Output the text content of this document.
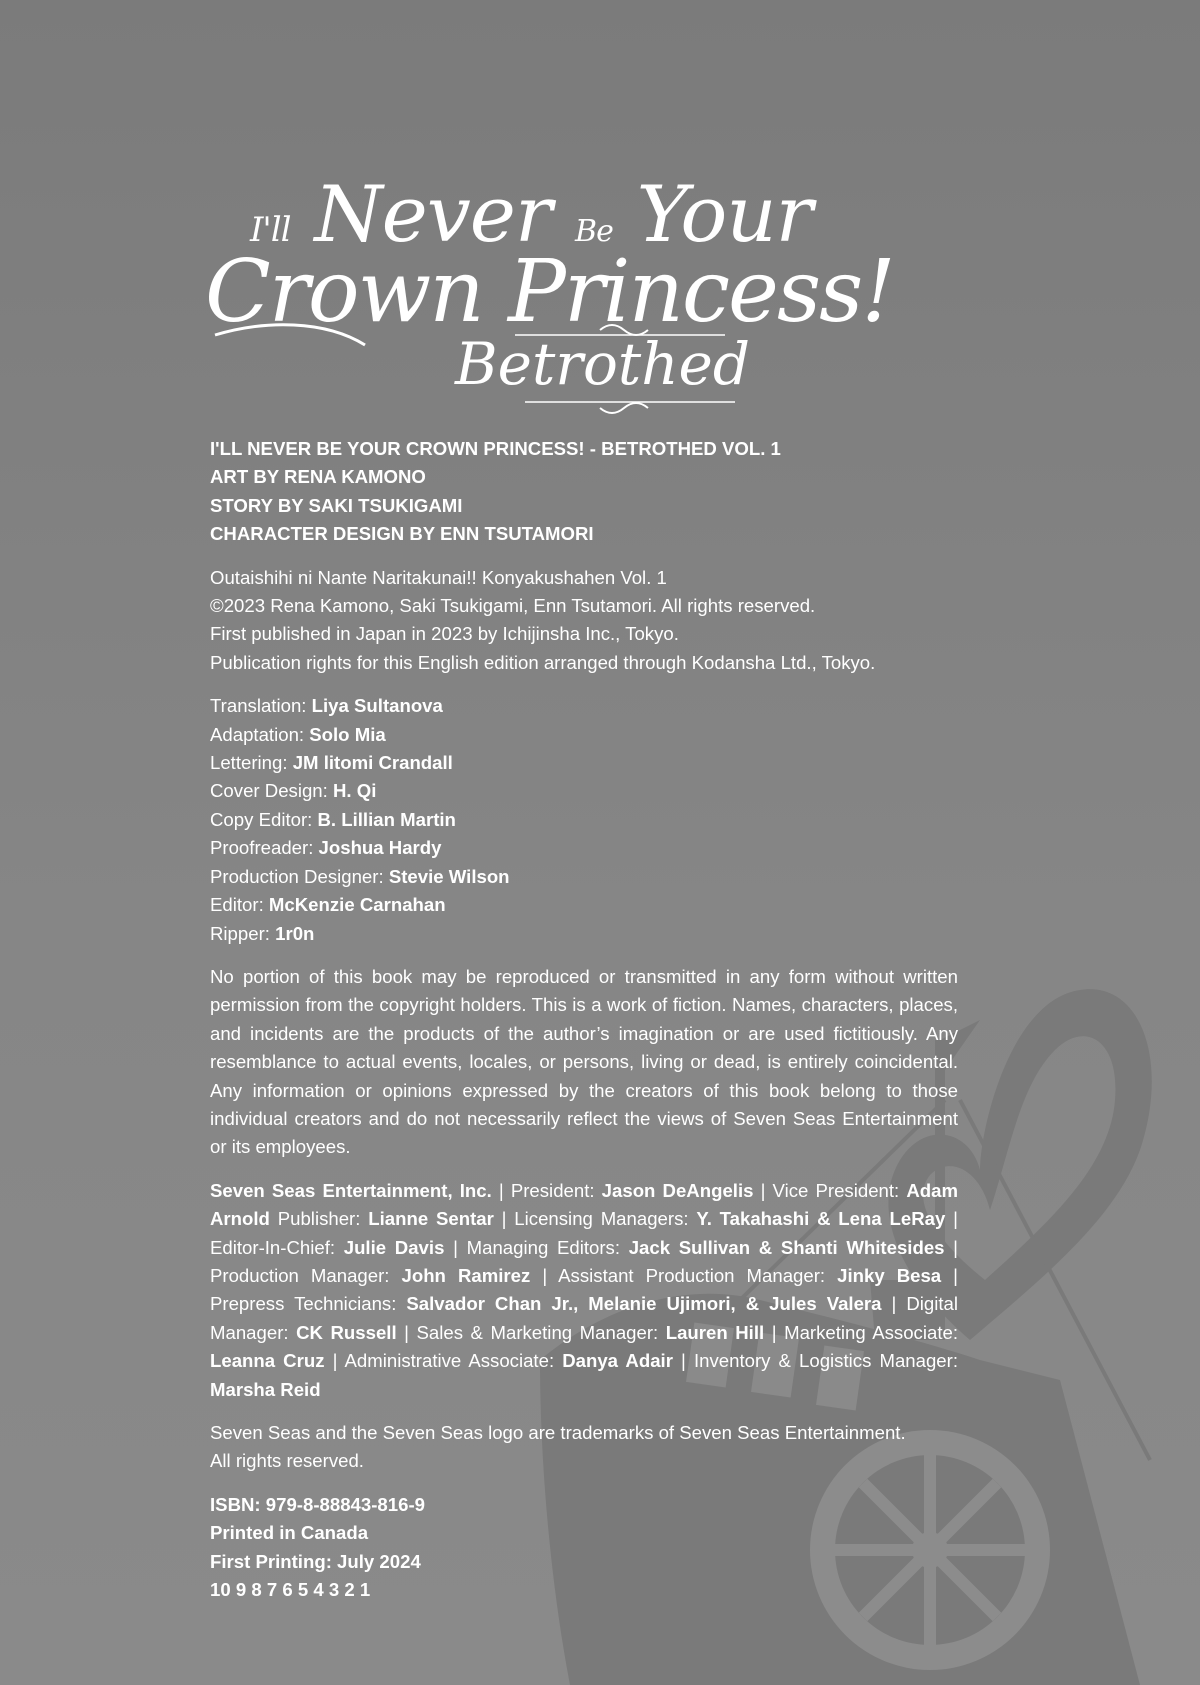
I'll Never Be Your
Crown Princess!
Betrothed

I'LL NEVER BE YOUR CROWN PRINCESS! - BETROTHED VOL. 1

ART BY RENA KAMONO

STORY BY SAKI TSUKIGAMI

CHARACTER DESIGN BY ENN TSUTAMORI

Outaishihi ni Nante Naritakunai!! Konyakushahen Vol. 1

©2023 Rena Kamono, Saki Tsukigami, Enn Tsutamori. All rights reserved.

First published in Japan in 2023 by Ichijinsha Inc., Tokyo.

Publication rights for this English edition arranged through Kodansha Ltd., Tokyo.

Translation: Liya Sultanova

Adaptation: Solo Mia

Lettering: JM litomi Crandall

Cover Design: H. Qi

Copy Editor: B. Lillian Martin

Proofreader: Joshua Hardy

Production Designer: Stevie Wilson

Editor: McKenzie Carnahan

Ripper: 1r0n

No portion of this book may be reproduced or transmitted in any form without written permission from the copyright holders. This is a work of fiction. Names, characters, places, and incidents are the products of the author’s imagination or are used fictitiously. Any resemblance to actual events, locales, or persons, living or dead, is entirely coincidental. Any information or opinions expressed by the creators of this book belong to those individual creators and do not necessarily reflect the views of Seven Seas Entertainment or its employees.

Seven Seas Entertainment, Inc. | President: Jason DeAngelis | Vice President: Adam Arnold Publisher: Lianne Sentar | Licensing Managers: Y. Takahashi & Lena LeRay | Editor-In-Chief: Julie Davis | Managing Editors: Jack Sullivan & Shanti Whitesides | Production Manager: John Ramirez | Assistant Production Manager: Jinky Besa | Prepress Technicians: Salvador Chan Jr., Melanie Ujimori, & Jules Valera | Digital Manager: CK Russell | Sales & Marketing Manager: Lauren Hill | Marketing Associate: Leanna Cruz | Administrative Associate: Danya Adair | Inventory & Logistics Manager: Marsha Reid

Seven Seas and the Seven Seas logo are trademarks of Seven Seas Entertainment.

All rights reserved.

ISBN: 979-8-88843-816-9

Printed in Canada

First Printing: July 2024

10 9 8 7 6 5 4 3 2 1
